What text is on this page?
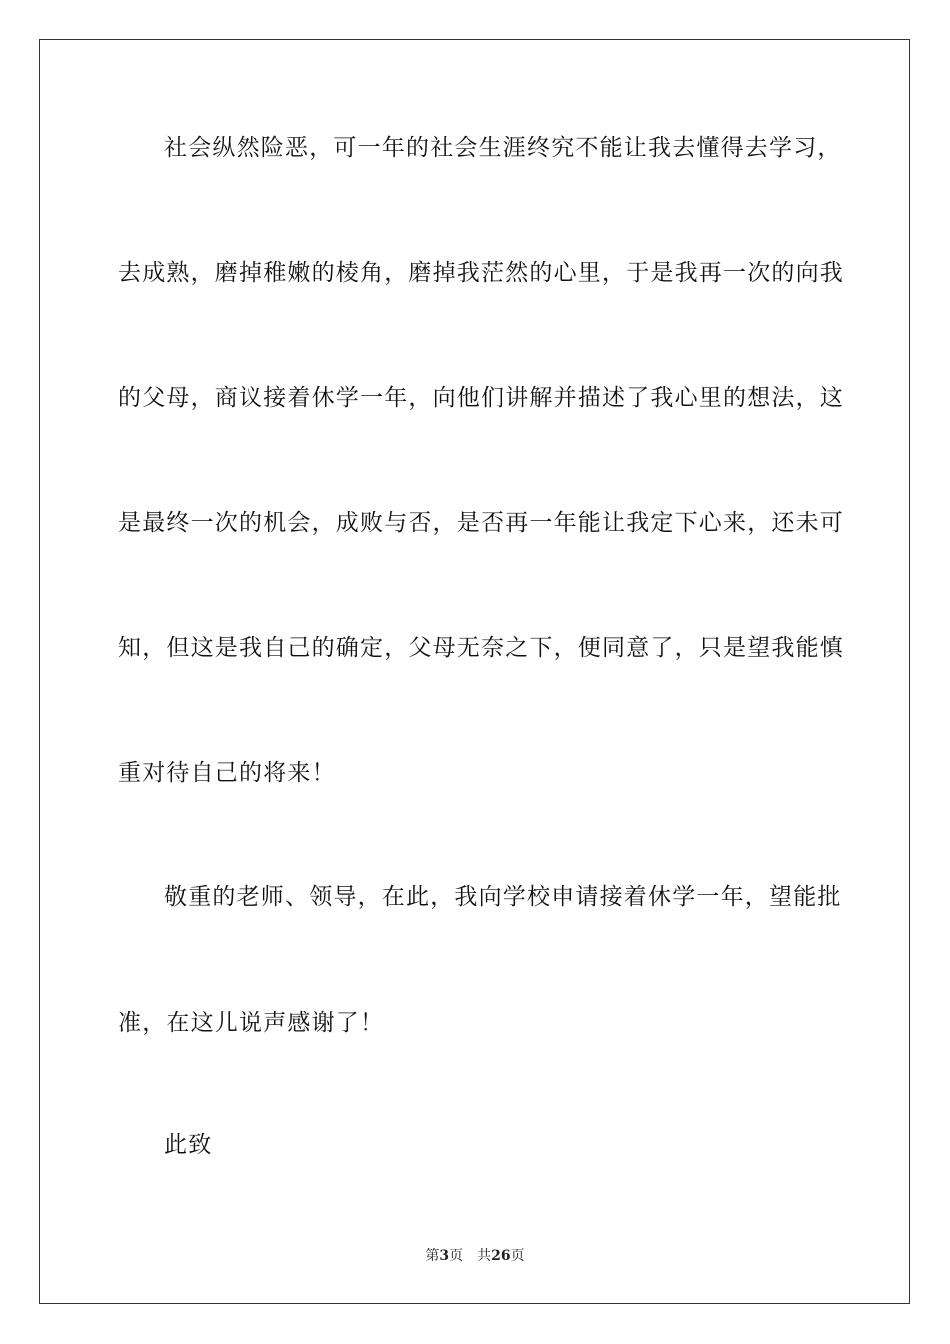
社会纵然险恶，可一年的社会生涯终究不能让我去懂得去学习，
去成熟，磨掉稚嫩的棱角，磨掉我茫然的心里，于是我再一次的向我
的父母，商议接着休学一年，向他们讲解并描述了我心里的想法，这
是最终一次的机会，成败与否，是否再一年能让我定下心来，还未可
知，但这是我自己的确定，父母无奈之下，便同意了，只是望我能慎
重对待自己的将来！
敬重的老师、领导，在此，我向学校申请接着休学一年，望能批
准，在这儿说声感谢了！
此致
第3页 共26页
